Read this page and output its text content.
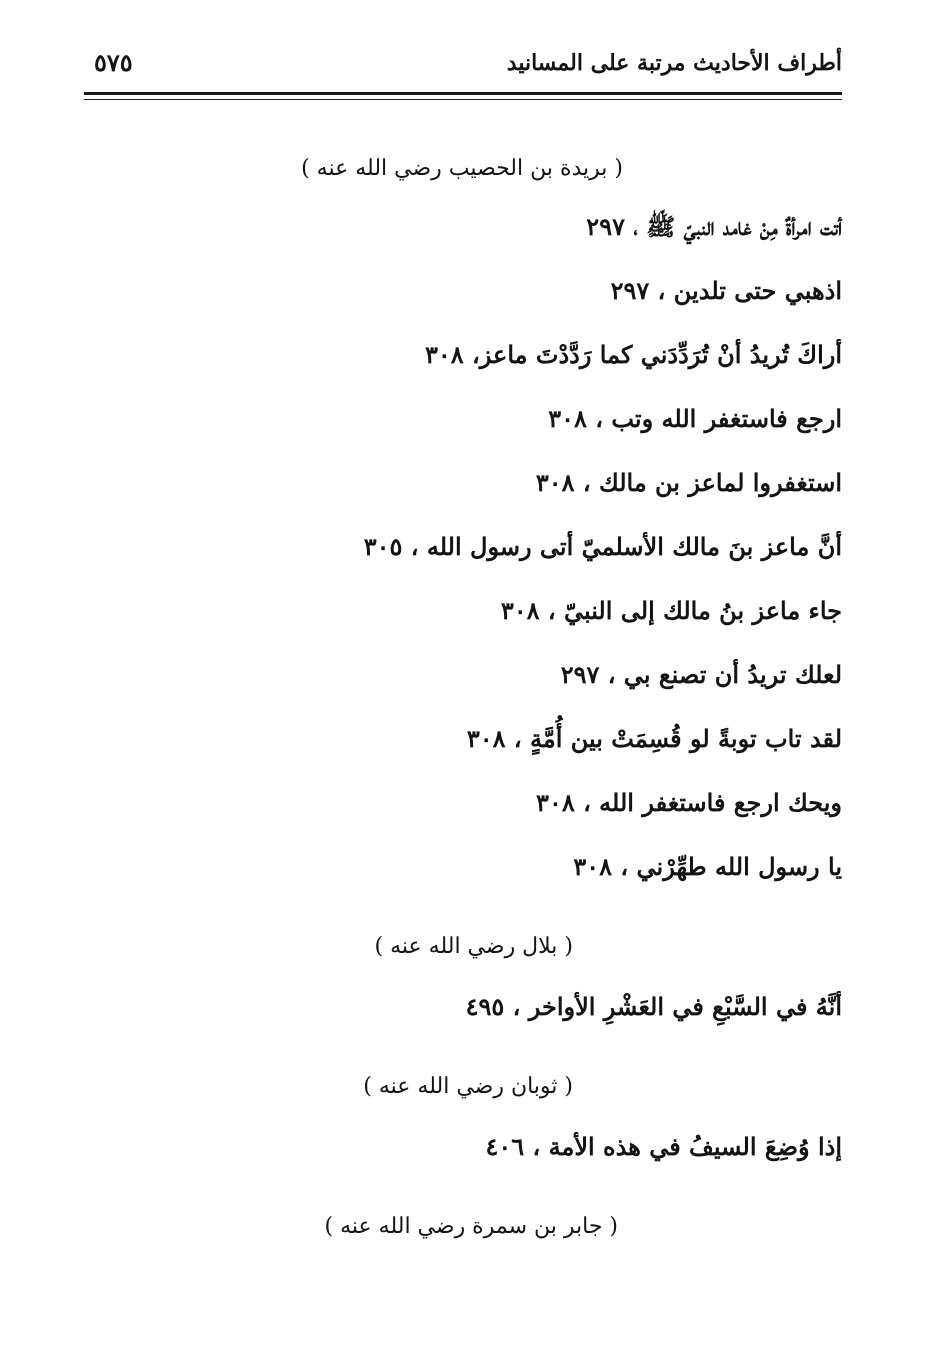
أطراف الأحاديث مرتبة على المسانيد
٥٧٥
( بريدة بن الحصيب رضي الله عنه )
أتت امرأةٌ مِنْ غامد النبيّ ﷺ ، ٢٩٧
اذهبي حتى تلدين ، ٢٩٧
أراكَ تُريدُ أنْ تُرَدِّدَني كما رَدَّدْتَ ماعز، ٣٠٨
ارجع فاستغفر الله وتب ، ٣٠٨
استغفروا لماعز بن مالك ، ٣٠٨
أنَّ ماعز بنَ مالك الأسلميّ أتى رسول الله ، ٣٠٥
جاء ماعز بنُ مالك إلى النبيّ ، ٣٠٨
لعلك تريدُ أن تصنع بي ، ٢٩٧
لقد تاب توبةً لو قُسِمَتْ بين أُمَّةٍ ، ٣٠٨
ويحك ارجع فاستغفر الله ، ٣٠٨
يا رسول الله طهِّرْني ، ٣٠٨
( بلال رضي الله عنه )
أنَّهُ في السَّبْعِ في العَشْرِ الأواخر ، ٤٩٥
( ثوبان رضي الله عنه )
إذا وُضِعَ السيفُ في هذه الأمة ، ٤٠٦
( جابر بن سمرة رضي الله عنه )
